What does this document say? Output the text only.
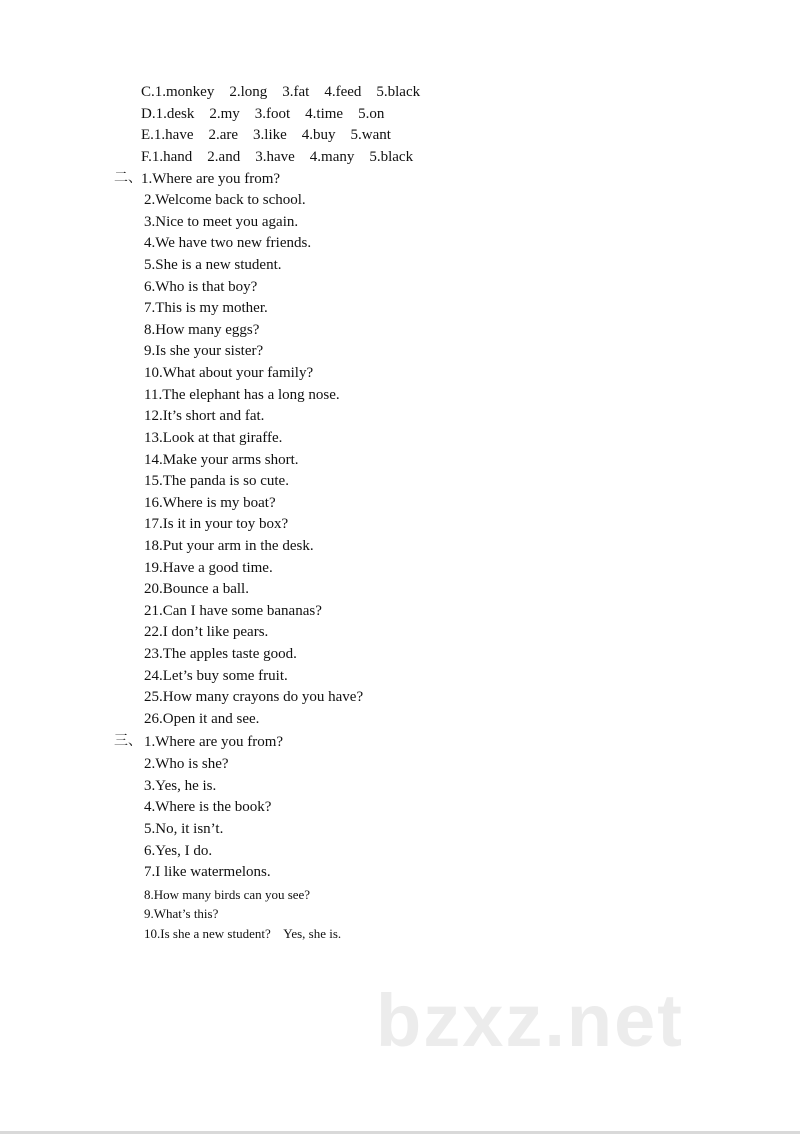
C.1.monkey    2.long    3.fat    4.feed    5.black
D.1.desk    2.my    3.foot    4.time    5.on
E.1.have    2.are    3.like    4.buy    5.want
F.1.hand    2.and    3.have    4.many    5.black
二、 1.Where are you from?
2.Welcome back to school.
3.Nice to meet you again.
4.We have two new friends.
5.She is a new student.
6.Who is that boy?
7.This is my mother.
8.How many eggs?
9.Is she your sister?
10.What about your family?
11.The elephant has a long nose.
12.It’s short and fat.
13.Look at that giraffe.
14.Make your arms short.
15.The panda is so cute.
16.Where is my boat?
17.Is it in your toy box?
18.Put your arm in the desk.
19.Have a good time.
20.Bounce a ball.
21.Can I have some bananas?
22.I don’t like pears.
23.The apples taste good.
24.Let’s buy some fruit.
25.How many crayons do you have?
26.Open it and see.
三、 1.Where are you from?
2.Who is she?
3.Yes, he is.
4.Where is the book?
5.No, it isn’t.
6.Yes, I do.
7.I like watermelons.
8.How many birds can you see?
9.What’s this?
10.Is she a new student?    Yes, she is.
bzxz.net
